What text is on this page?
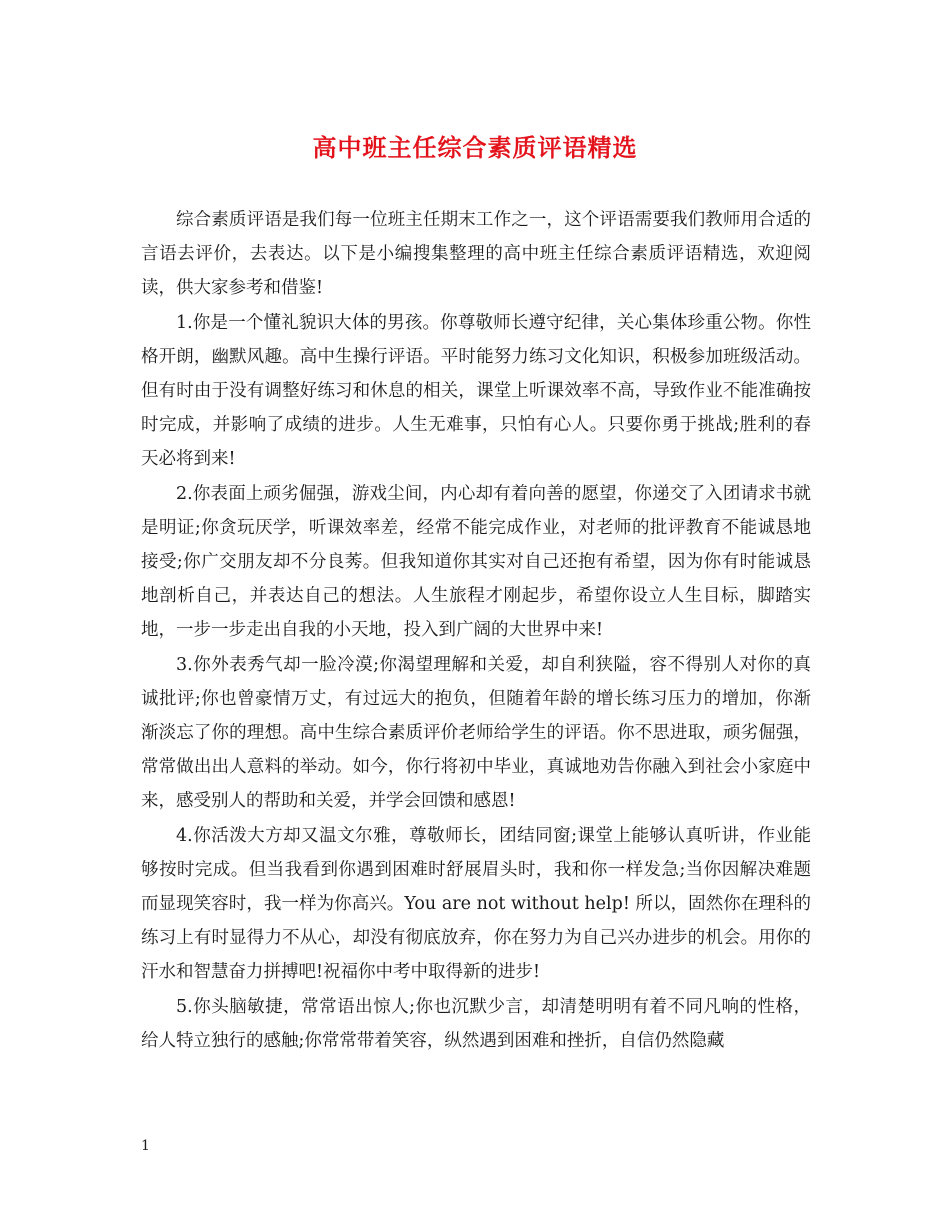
高中班主任综合素质评语精选

综合素质评语是我们每一位班主任期末工作之一，这个评语需要我们教师用合适的言语去评价，去表达。以下是小编搜集整理的高中班主任综合素质评语精选，欢迎阅读，供大家参考和借鉴!

1.你是一个懂礼貌识大体的男孩。你尊敬师长遵守纪律，关心集体珍重公物。你性格开朗，幽默风趣。高中生操行评语。平时能努力练习文化知识，积极参加班级活动。但有时由于没有调整好练习和休息的相关，课堂上听课效率不高，导致作业不能准确按时完成，并影响了成绩的进步。人生无难事，只怕有心人。只要你勇于挑战;胜利的春天必将到来!

2.你表面上顽劣倔强，游戏尘间，内心却有着向善的愿望，你递交了入团请求书就是明证;你贪玩厌学，听课效率差，经常不能完成作业，对老师的批评教育不能诚恳地接受;你广交朋友却不分良莠。但我知道你其实对自己还抱有希望，因为你有时能诚恳地剖析自己，并表达自己的想法。人生旅程才刚起步，希望你设立人生目标，脚踏实地，一步一步走出自我的小天地，投入到广阔的大世界中来!

3.你外表秀气却一脸冷漠;你渴望理解和关爱，却自利狭隘，容不得别人对你的真诚批评;你也曾豪情万丈，有过远大的抱负，但随着年龄的增长练习压力的增加，你渐渐淡忘了你的理想。高中生综合素质评价老师给学生的评语。你不思进取，顽劣倔强，常常做出出人意料的举动。如今，你行将初中毕业，真诚地劝告你融入到社会小家庭中来，感受别人的帮助和关爱，并学会回馈和感恩!

4.你活泼大方却又温文尔雅，尊敬师长，团结同窗;课堂上能够认真听讲，作业能够按时完成。但当我看到你遇到困难时舒展眉头时，我和你一样发急;当你因解决难题而显现笑容时，我一样为你高兴。You are not without help! 所以，固然你在理科的练习上有时显得力不从心，却没有彻底放弃，你在努力为自己兴办进步的机会。用你的汗水和智慧奋力拼搏吧!祝福你中考中取得新的进步!

5.你头脑敏捷，常常语出惊人;你也沉默少言，却清楚明明有着不同凡响的性格，给人特立独行的感触;你常常带着笑容，纵然遇到困难和挫折，自信仍然隐藏

1
